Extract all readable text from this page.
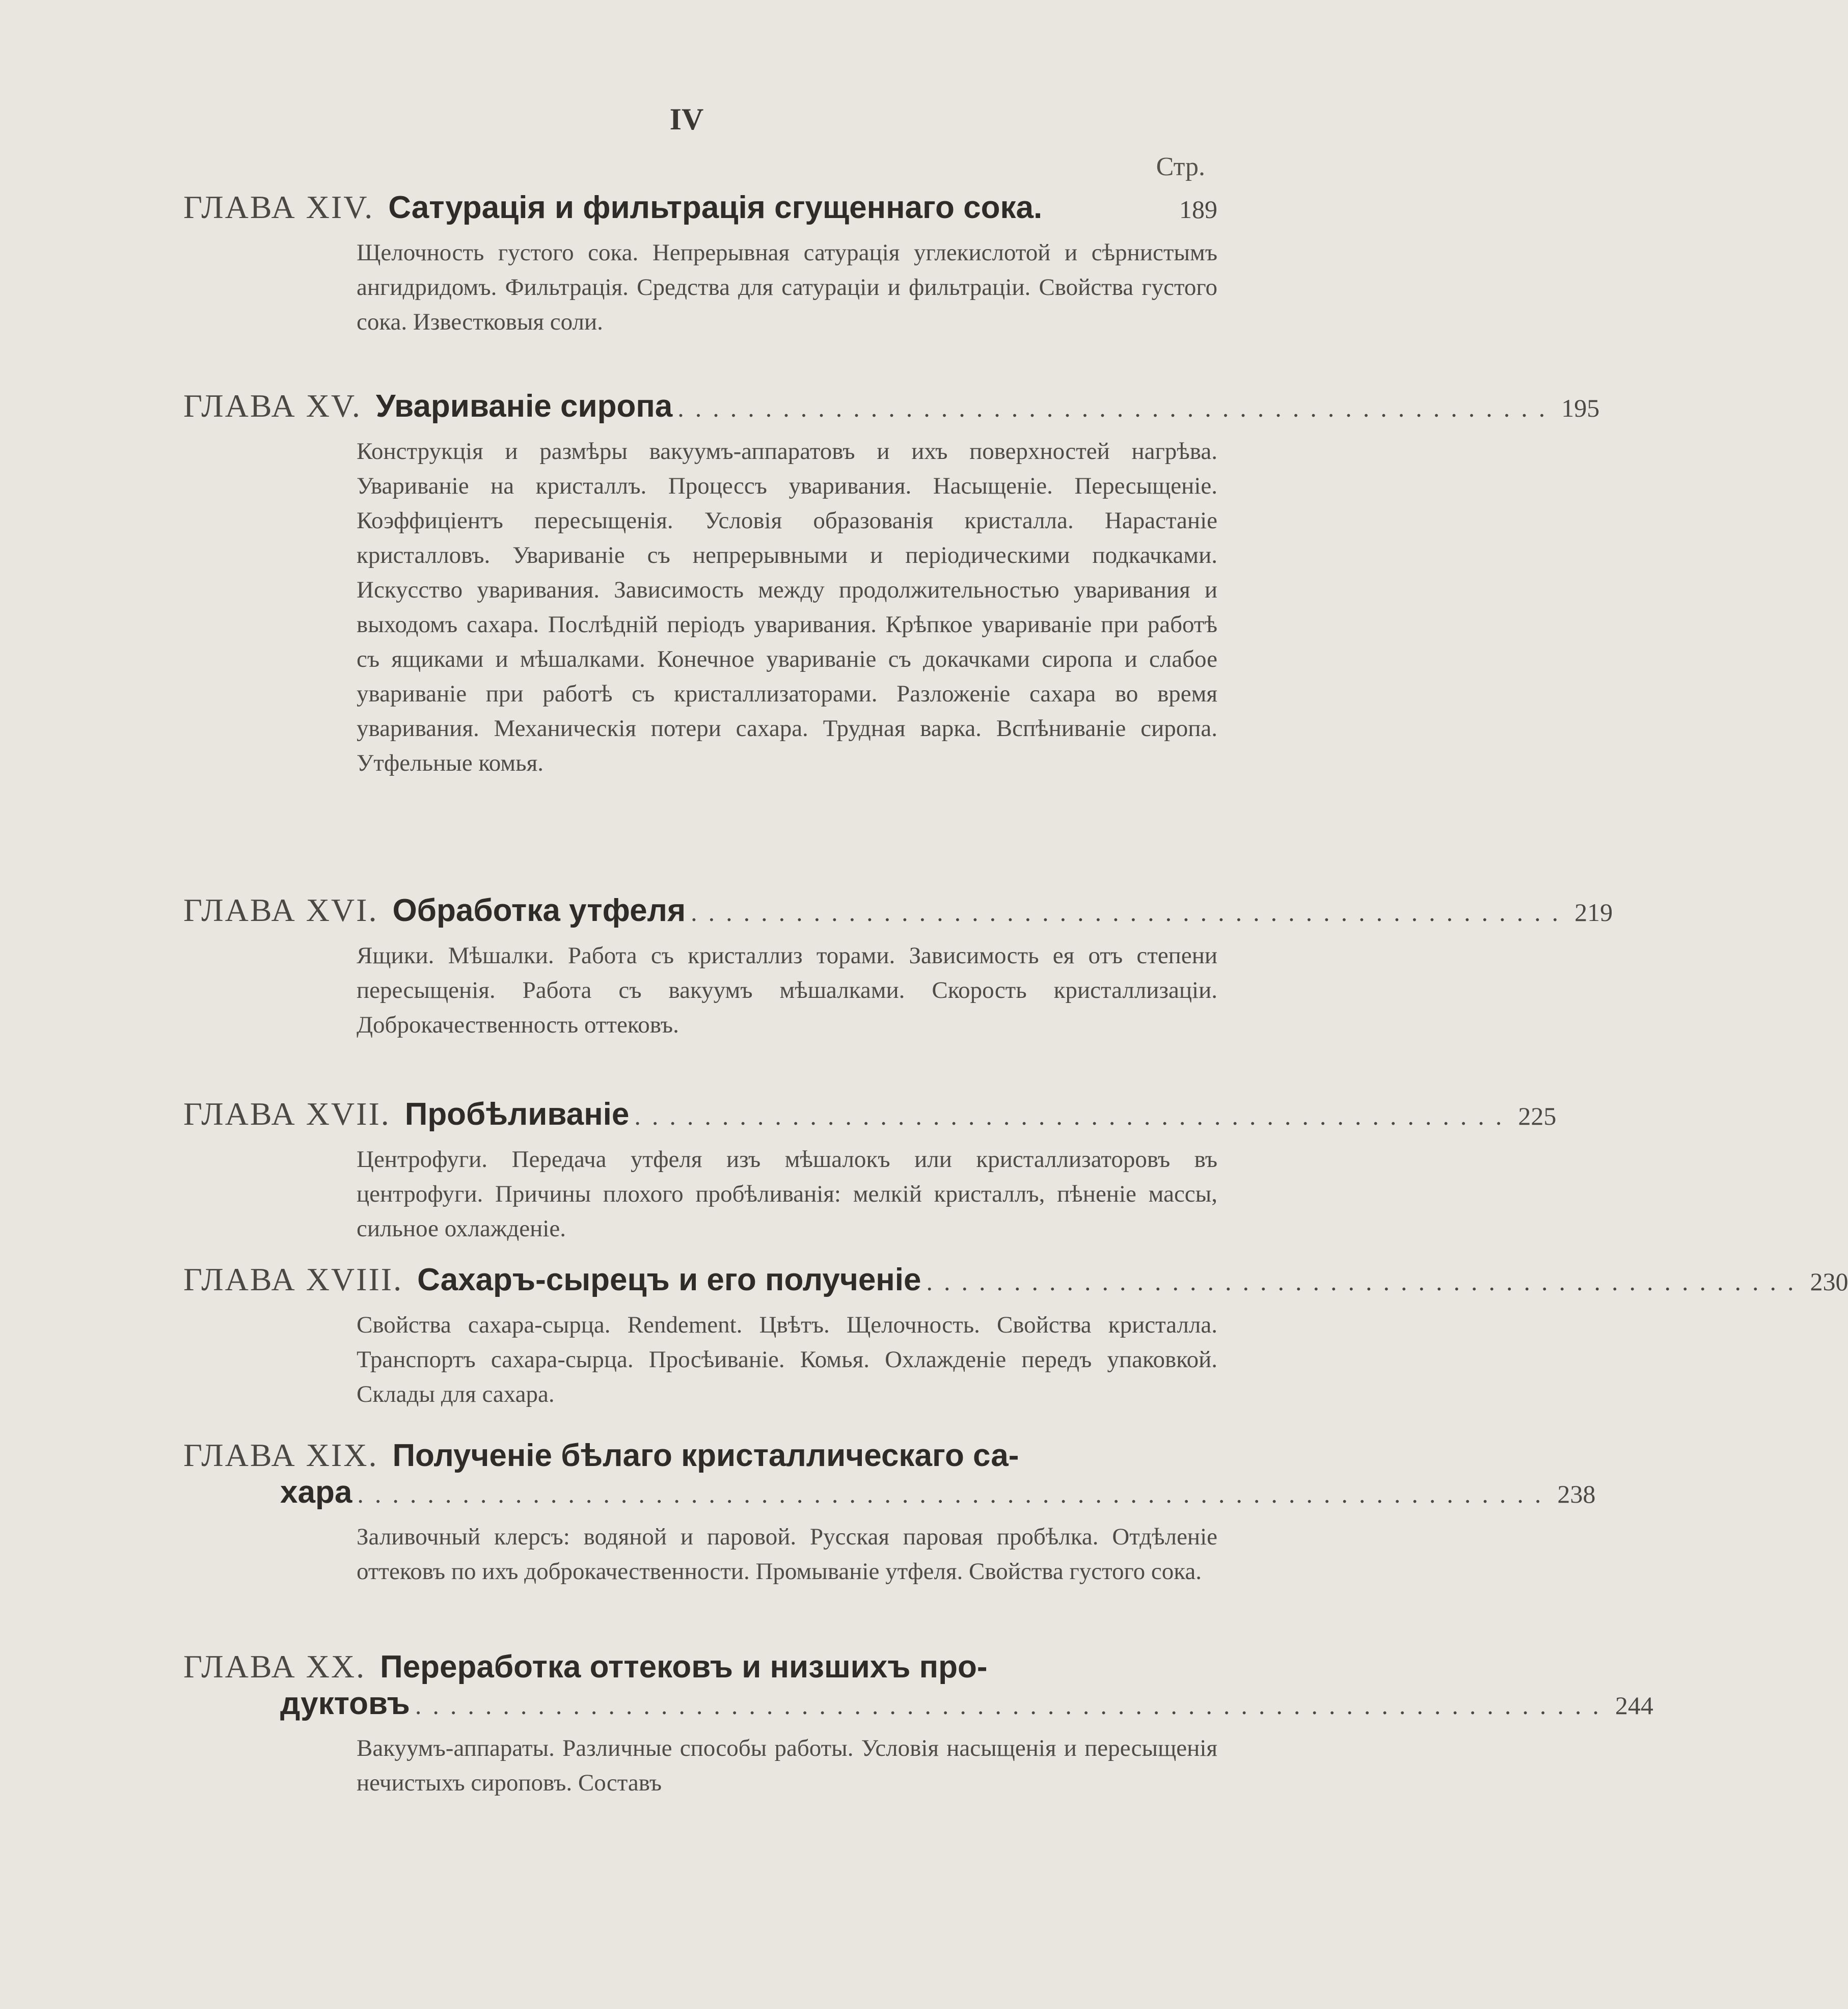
IV
Стр.
ГЛАВА XIV. Сатурація и фильтрація сгущеннаго сока.	189
Щелочность густого сока. Непрерывная сатурація углекислотой и сѣрнистымъ ангидридомъ. Фильтрація. Средства для сатураціи и фильтраціи. Свойства густого сока. Известковыя соли.
ГЛАВА XV. Увариваніе сиропа .................................................. 195
Конструкція и размѣры вакуумъ-аппаратовъ и ихъ поверхностей нагрѣва. Увариваніе на кристаллъ. Процессъ уваривания. Насыщеніе. Пересыщеніе. Коэффиціентъ пересыщенія. Условія образованія кристалла. Нарастаніе кристалловъ. Увариваніе съ непрерывными и періодическими подкачками. Искусство уваривания. Зависимость между продолжительностью уваривания и выходомъ сахара. Послѣдній періодъ уваривания. Крѣпкое увариваніе при работѣ съ ящиками и мѣшалками. Конечное увариваніе съ докачками сиропа и слабое увариваніе при работѣ съ кристаллизаторами. Разложеніе сахара во время уваривания. Механическія потери сахара. Трудная варка. Вспѣниваніе сиропа. Утфельные комья.
ГЛАВА XVI. Обработка утфеля .................................................. 219
Ящики. Мѣшалки. Работа съ кристаллиз торами. Зависимость ея отъ степени пересыщенія. Работа съ вакуумъ мѣшалками. Скорость кристаллизаціи. Доброкачественность оттековъ.
ГЛАВА XVII. Пробѣливаніе .................................................. 225
Центрофуги. Передача утфеля изъ мѣшалокъ или кристаллизаторовъ въ центрофуги. Причины плохого пробѣливанія: мелкій кристаллъ, пѣненіе массы, сильное охлажденіе.
ГЛАВА XVIII. Сахаръ-сырецъ и его полученіе .................................................. 230
Свойства сахара-сырца. Rendement. Цвѣтъ. Щелочность. Свойства кристалла. Транспортъ сахара-сырца. Просѣиваніе. Комья. Охлажденіе передъ упаковкой. Склады для сахара.
ГЛАВА XIX. Полученіе бѣлаго кристаллическаго са-
хара .................................................................... 238
Заливочный клерсъ: водяной и паровой. Русская паровая пробѣлка. Отдѣленіе оттековъ по ихъ доброкачественности. Промываніе утфеля. Свойства густого сока.
ГЛАВА XX. Переработка оттековъ и низшихъ про-
дуктовъ .................................................................... 244
Вакуумъ-аппараты. Различные способы работы. Условія насыщенія и пересыщенія нечистыхъ сироповъ. Составъ
